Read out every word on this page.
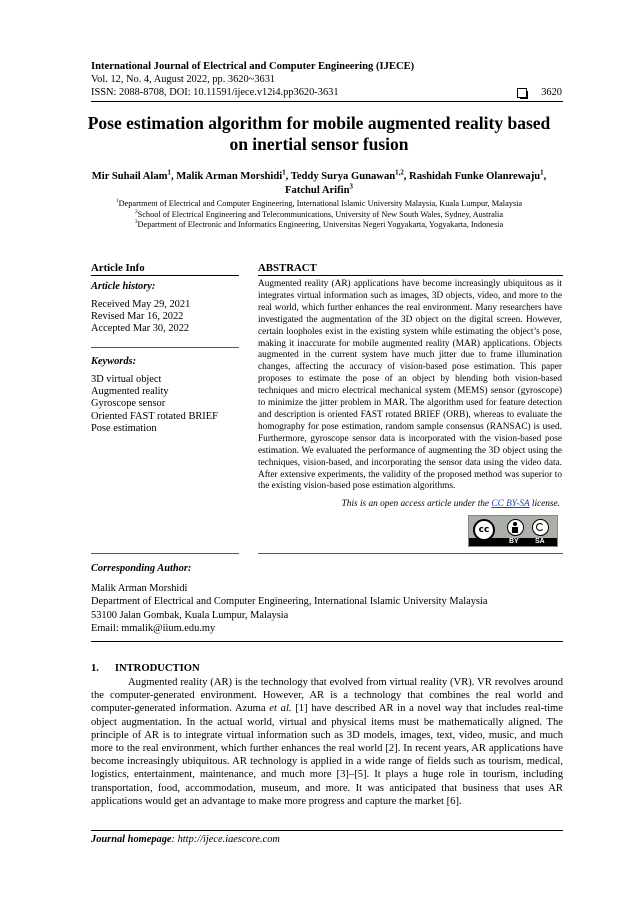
International Journal of Electrical and Computer Engineering (IJECE)
Vol. 12, No. 4, August 2022, pp. 3620~3631
ISSN: 2088-8708, DOI: 10.11591/ijece.v12i4.pp3620-3631	3620
Pose estimation algorithm for mobile augmented reality based
on inertial sensor fusion
Mir Suhail Alam$^1$, Malik Arman Morshidi$^1$, Teddy Surya Gunawan$^{1,2}$, Rashidah Funke Olanrewaju$^1$,
Fatchul Arifin$^3$
$^1$Department of Electrical and Computer Engineering, International Islamic University Malaysia, Kuala Lumpur, Malaysia
$^2$School of Electrical Engineering and Telecommunications, University of New South Wales, Sydney, Australia
$^3$Department of Electronic and Informatics Engineering, Universitas Negeri Yogyakarta, Yogyakarta, Indonesia
Article Info
Article history:
Received May 29, 2021
Revised Mar 16, 2022
Accepted Mar 30, 2022
Keywords:
3D virtual object
Augmented reality
Gyroscope sensor
Oriented FAST rotated BRIEF
Pose estimation
ABSTRACT
Augmented reality (AR) applications have become increasingly ubiquitous as it integrates virtual information such as images, 3D objects, video, and more to the real world, which further enhances the real environment. Many researchers have investigated the augmentation of the 3D object on the digital screen. However, certain loopholes exist in the existing system while estimating the object’s pose, making it inaccurate for mobile augmented reality (MAR) applications. Objects augmented in the current system have much jitter due to frame illumination changes, affecting the accuracy of vision-based pose estimation. This paper proposes to estimate the pose of an object by blending both vision-based techniques and micro electrical mechanical system (MEMS) sensor (gyroscope) to minimize the jitter problem in MAR. The algorithm used for feature detection and description is oriented FAST rotated BRIEF (ORB), whereas to evaluate the homography for pose estimation, random sample consensus (RANSAC) is used. Furthermore, gyroscope sensor data is incorporated with the vision-based pose estimation. We evaluated the performance of augmenting the 3D object using the techniques, vision-based, and incorporating the sensor data using the video data. After extensive experiments, the validity of the proposed method was superior to the existing vision-based pose estimation algorithms.
This is an open access article under the CC BY-SA license.
cc
BY SA
Corresponding Author:
Malik Arman Morshidi
Department of Electrical and Computer Engineering, International Islamic University Malaysia
53100 Jalan Gombak, Kuala Lumpur, Malaysia
Email: mmalik@iium.edu.my
1.      INTRODUCTION
Augmented reality (AR) is the technology that evolved from virtual reality (VR). VR revolves around the computer-generated environment. However, AR is a technology that combines the real world and computer-generated information. Azuma et al. [1] have described AR in a novel way that includes real-time object augmentation. In the actual world, virtual and physical items must be mathematically aligned. The principle of AR is to integrate virtual information such as 3D models, images, text, video, music, and much more to the real environment, which further enhances the real world [2]. In recent years, AR applications have become increasingly ubiquitous. AR technology is applied in a wide range of fields such as tourism, medical, logistics, entertainment, maintenance, and much more [3]–[5]. It plays a huge role in tourism, including transportation, food, accommodation, museum, and more. It was anticipated that business that uses AR applications would get an advantage to make more progress and capture the market [6].
Journal homepage: http://ijece.iaescore.com
